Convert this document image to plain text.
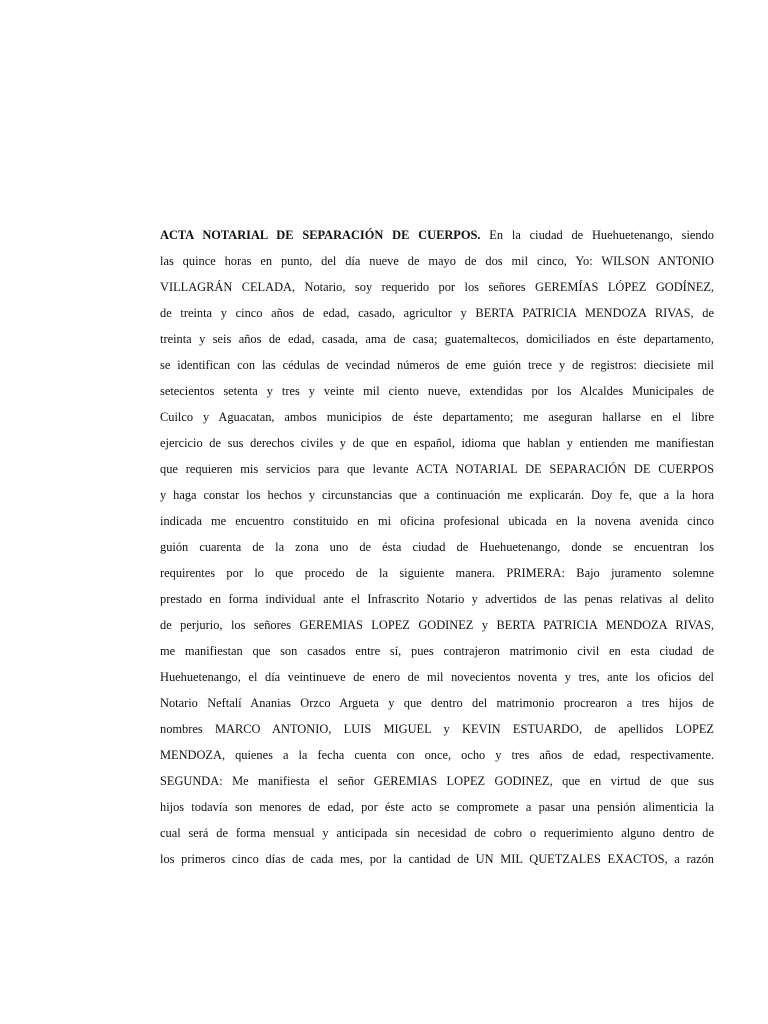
ACTA NOTARIAL DE SEPARACIÓN DE CUERPOS. En la ciudad de Huehuetenango, siendo
las quince horas en punto, del día nueve de mayo de dos mil cinco, Yo: WILSON ANTONIO
VILLAGRÁN CELADA, Notario, soy requerido por los señores GEREMÍAS LÓPEZ GODÍNEZ,
de treinta y cinco años de edad, casado, agricultor y BERTA PATRICIA MENDOZA RIVAS, de
treinta y seis años de edad, casada, ama de casa; guatemaltecos, domiciliados en éste departamento,
se identifican con las cédulas de vecindad números de eme guión trece y de registros: diecisiete mil
setecientos setenta y tres y veinte mil ciento nueve, extendidas por los Alcaldes Municipales de
Cuilco y Aguacatan, ambos municipios de éste departamento; me aseguran hallarse en el libre
ejercicio de sus derechos civiles y de que en español, idioma que hablan y entienden me manifiestan
que requieren mis servicios para que levante ACTA NOTARIAL DE SEPARACIÓN DE CUERPOS
y haga constar los hechos y circunstancias que a continuación me explicarán. Doy fe, que a la hora
indicada me encuentro constituido en mi oficina profesional ubicada en la novena avenida cinco
guión cuarenta de la zona uno de ésta ciudad de Huehuetenango, donde se encuentran los
requirentes por lo que procedo de la siguiente manera. PRIMERA: Bajo juramento solemne
prestado en forma individual ante el Infrascrito Notario y advertidos de las penas relativas al delito
de perjurio, los señores GEREMIAS LOPEZ GODINEZ y BERTA PATRICIA MENDOZA RIVAS,
me manifiestan que son casados entre sí, pues contrajeron matrimonio civil en esta ciudad de
Huehuetenango, el día veintinueve de enero de mil novecientos noventa y tres, ante los oficios del
Notario Neftalí Ananias Orzco Argueta y que dentro del matrimonio procrearon a tres hijos de
nombres MARCO ANTONIO, LUIS MIGUEL y KEVIN ESTUARDO, de apellidos LOPEZ
MENDOZA, quienes a la fecha cuenta con once, ocho y tres años de edad, respectivamente.
SEGUNDA: Me manifiesta el señor GEREMIAS LOPEZ GODINEZ, que en virtud de que sus
hijos todavía son menores de edad, por éste acto se compromete a pasar una pensión alimenticia la
cual será de forma mensual y anticipada sin necesidad de cobro o requerimiento alguno dentro de
los primeros cinco días de cada mes, por la cantidad de UN MIL QUETZALES EXACTOS, a razón
